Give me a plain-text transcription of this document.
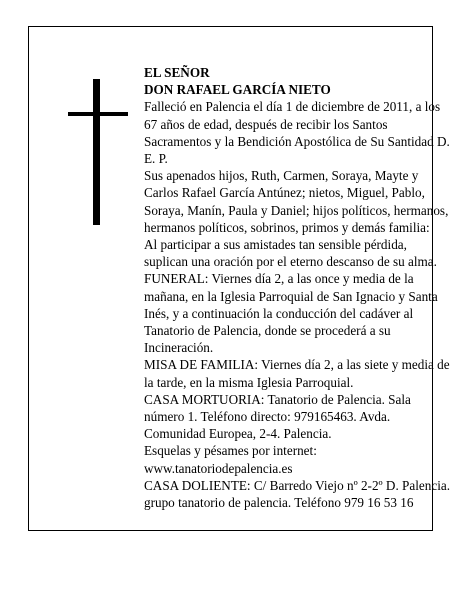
EL SEÑOR
DON RAFAEL GARCÍA NIETO

Falleció en Palencia el día 1 de diciembre de 2011, a los 67 años de edad, después de recibir los Santos Sacramentos y la Bendición Apostólica de Su Santidad D. E. P.

Sus apenados hijos, Ruth, Carmen, Soraya, Mayte y Carlos Rafael García Antúnez; nietos, Miguel, Pablo, Soraya, Manín, Paula y Daniel; hijos políticos, hermanos, hermanos políticos, sobrinos, primos y demás familia:

Al participar a sus amistades tan sensible pérdida, suplican una oración por el eterno descanso de su alma.

FUNERAL: Viernes día 2, a las once y media de la mañana, en la Iglesia Parroquial de San Ignacio y Santa Inés, y a continuación la conducción del cadáver al Tanatorio de Palencia, donde se procederá a su Incineración.

MISA DE FAMILIA: Viernes día 2, a las siete y media de la tarde, en la misma Iglesia Parroquial.

CASA MORTUORIA: Tanatorio de Palencia. Sala número 1. Teléfono directo: 979165463. Avda. Comunidad Europea, 2-4. Palencia.

Esquelas y pésames por internet: www.tanatoriodepalencia.es

CASA DOLIENTE: C/ Barredo Viejo nº 2-2º D. Palencia.

grupo tanatorio de palencia. Teléfono 979 16 53 16
